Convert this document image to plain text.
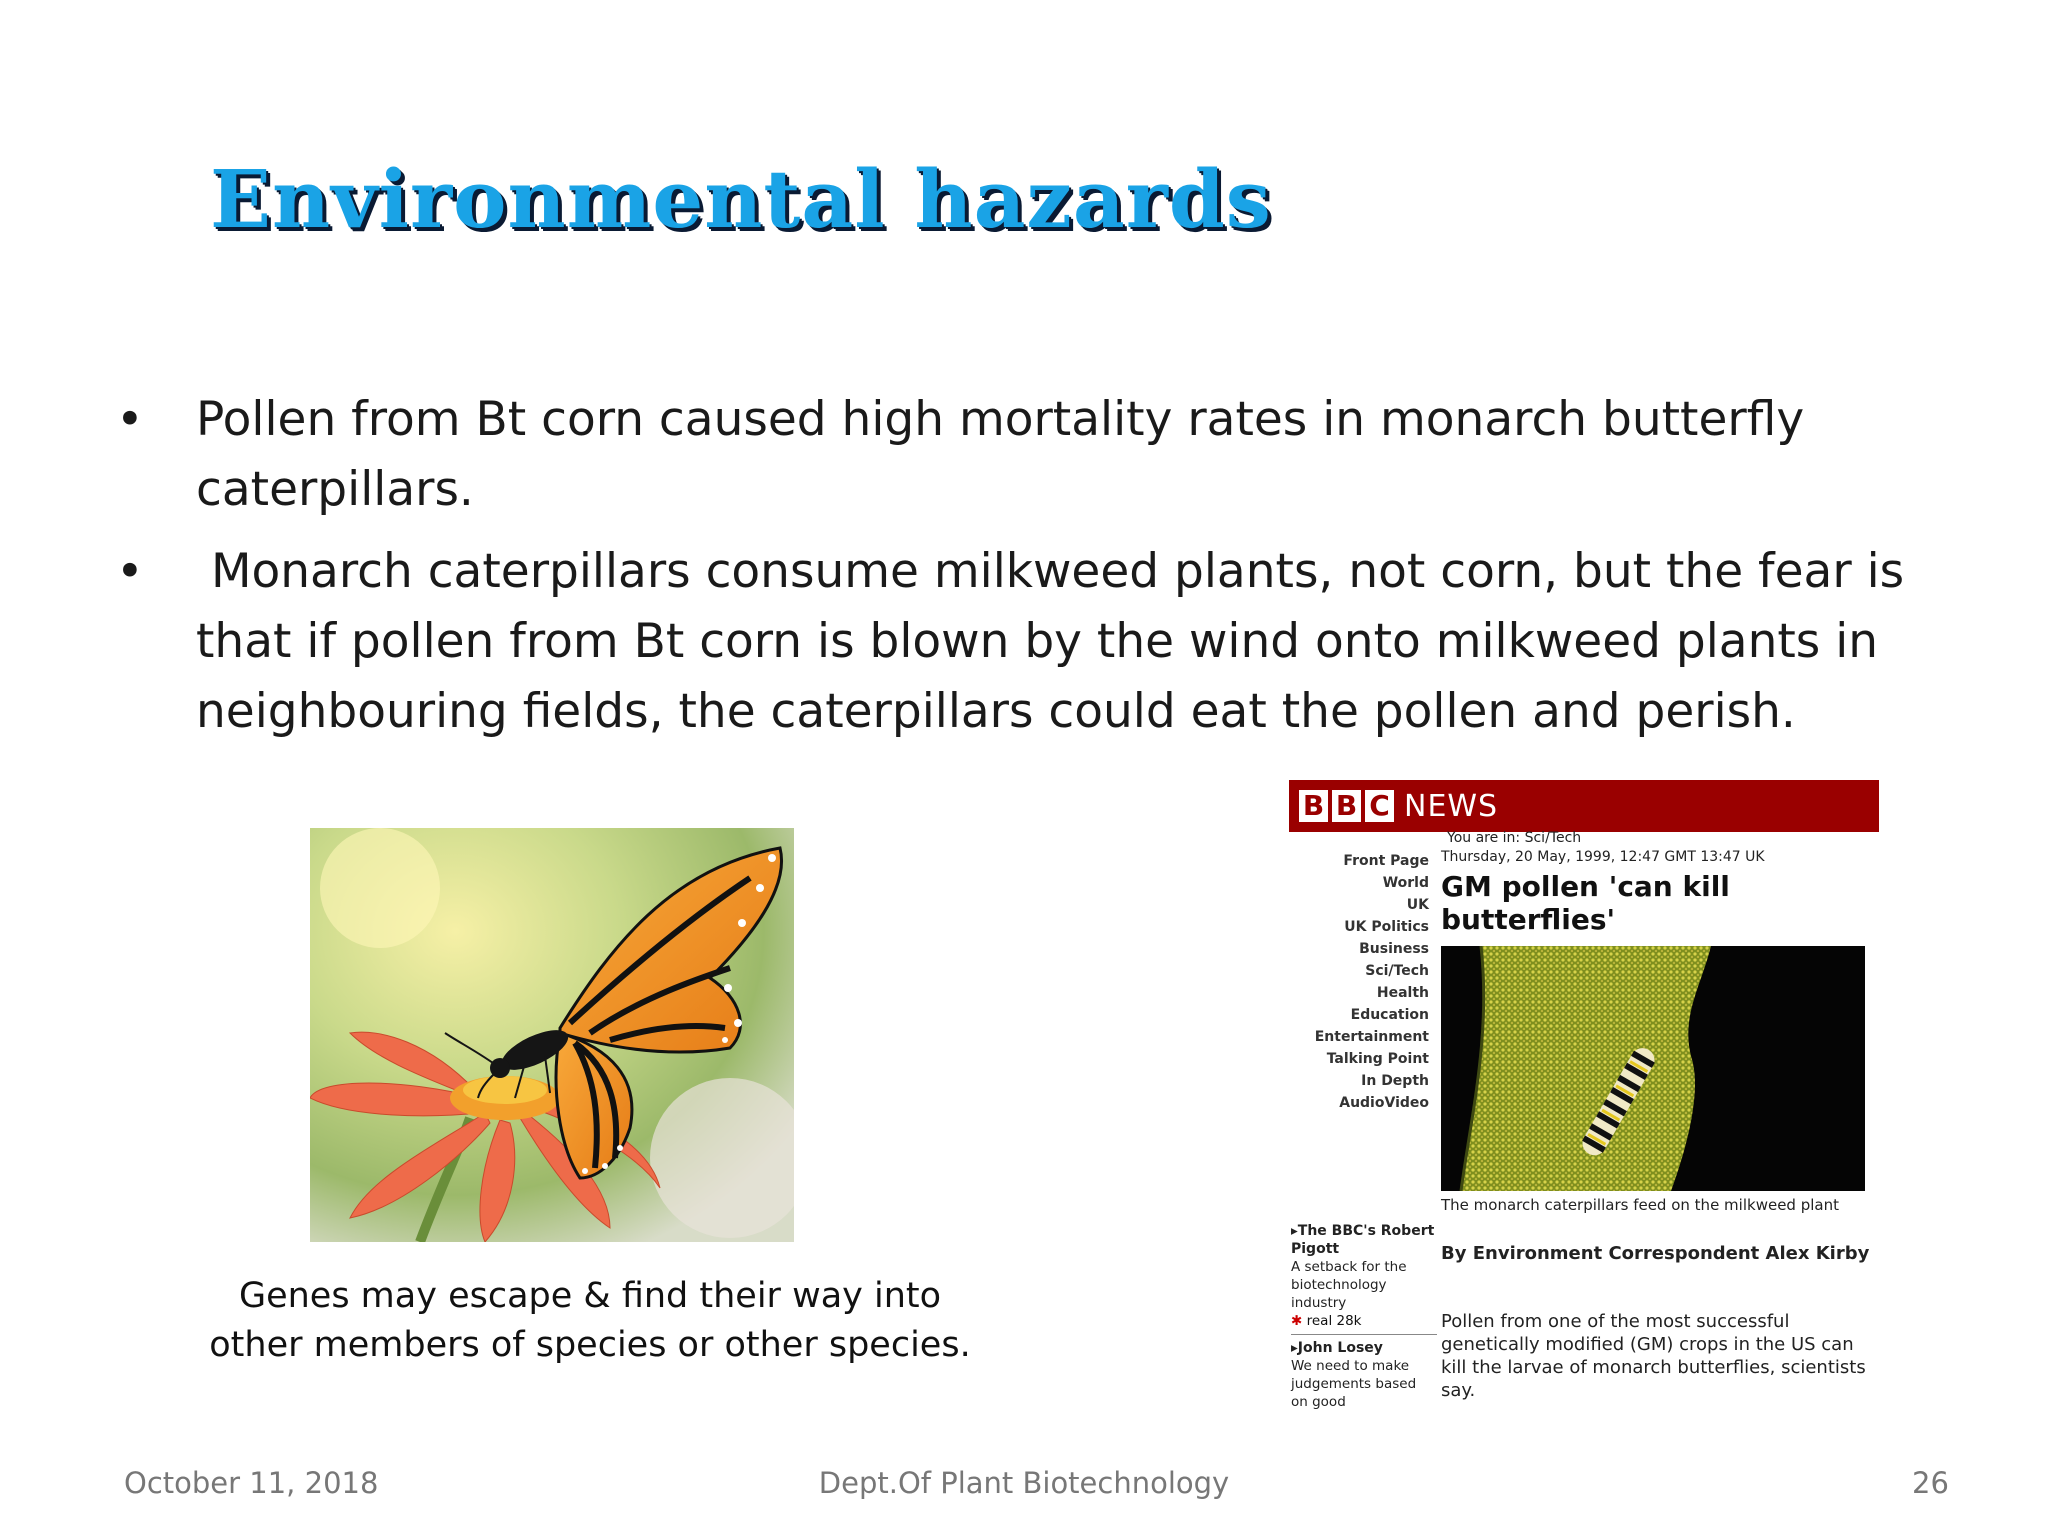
Environmental hazards
• Pollen from Bt corn caused high mortality rates in monarch butterfly caterpillars.
• Monarch caterpillars consume milkweed plants, not corn, but the fear is that if pollen from Bt corn is blown by the wind onto milkweed plants in neighbouring fields, the caterpillars could eat the pollen and perish.
Genes may escape & find their way into other members of species or other species.
B B C NEWS
You are in: Sci/Tech
Thursday, 20 May, 1999, 12:47 GMT 13:47 UK
Front Page
World
UK
UK Politics
Business
Sci/Tech
Health
Education
Entertainment
Talking Point
In Depth
AudioVideo
GM pollen 'can kill butterflies'
The monarch caterpillars feed on the milkweed plant
By Environment Correspondent Alex Kirby
Pollen from one of the most successful genetically modified (GM) crops in the US can kill the larvae of monarch butterflies, scientists say.
▸The BBC's Robert Pigott
A setback for the biotechnology industry
✱ real 28k
▸John Losey
We need to make judgements based on good
October 11, 2018	Dept.Of Plant Biotechnology	26
